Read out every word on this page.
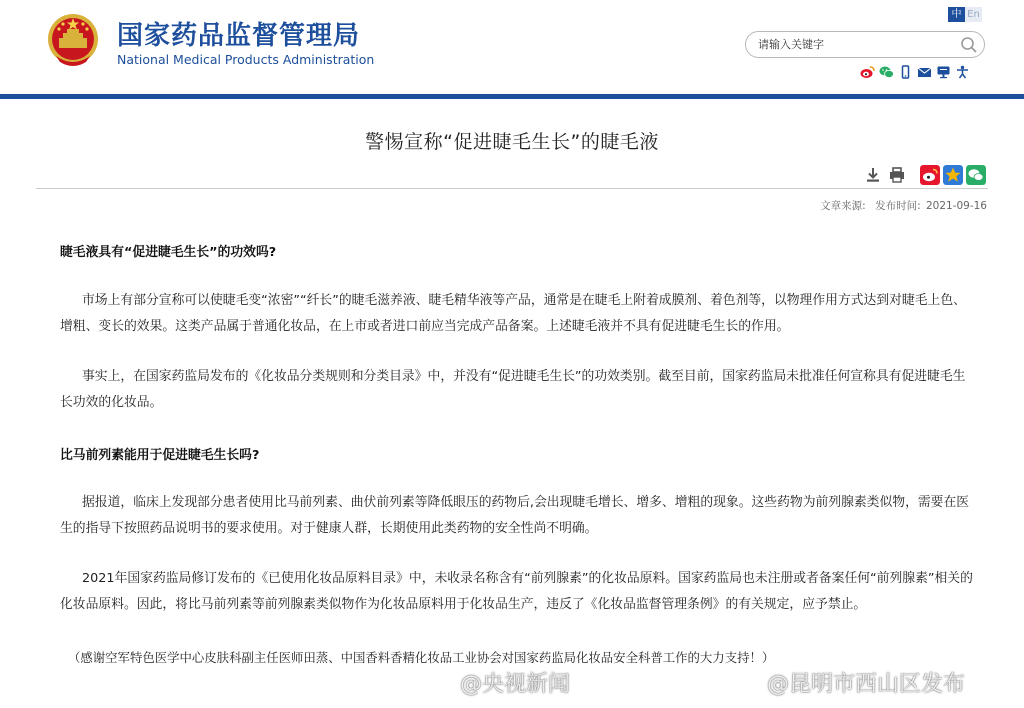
国家药品监督管理局
National Medical Products Administration
中 En
请输入关键字
警惕宣称“促进睫毛生长”的睫毛液
文章来源: 发布时间: 2021-09-16

睫毛液具有“促进睫毛生长”的功效吗?

市场上有部分宣称可以使睫毛变“浓密”“纤长”的睫毛滋养液、睫毛精华液等产品，通常是在睫毛上附着成膜剂、着色剂等，以物理作用方式达到对睫毛上色、增粗、变长的效果。这类产品属于普通化妆品，在上市或者进口前应当完成产品备案。上述睫毛液并不具有促进睫毛生长的作用。

事实上，在国家药监局发布的《化妆品分类规则和分类目录》中，并没有“促进睫毛生长”的功效类别。截至目前，国家药监局未批准任何宣称具有促进睫毛生长功效的化妆品。

比马前列素能用于促进睫毛生长吗?

据报道，临床上发现部分患者使用比马前列素、曲伏前列素等降低眼压的药物后,会出现睫毛增长、增多、增粗的现象。这些药物为前列腺素类似物，需要在医生的指导下按照药品说明书的要求使用。对于健康人群，长期使用此类药物的安全性尚不明确。

2021年国家药监局修订发布的《已使用化妆品原料目录》中，未收录名称含有“前列腺素”的化妆品原料。国家药监局也未注册或者备案任何“前列腺素”相关的化妆品原料。因此，将比马前列素等前列腺素类似物作为化妆品原料用于化妆品生产，违反了《化妆品监督管理条例》的有关规定，应予禁止。

（感谢空军特色医学中心皮肤科副主任医师田蒸、中国香料香精化妆品工业协会对国家药监局化妆品安全科普工作的大力支持！）
@央视新闻	@昆明市西山区发布
